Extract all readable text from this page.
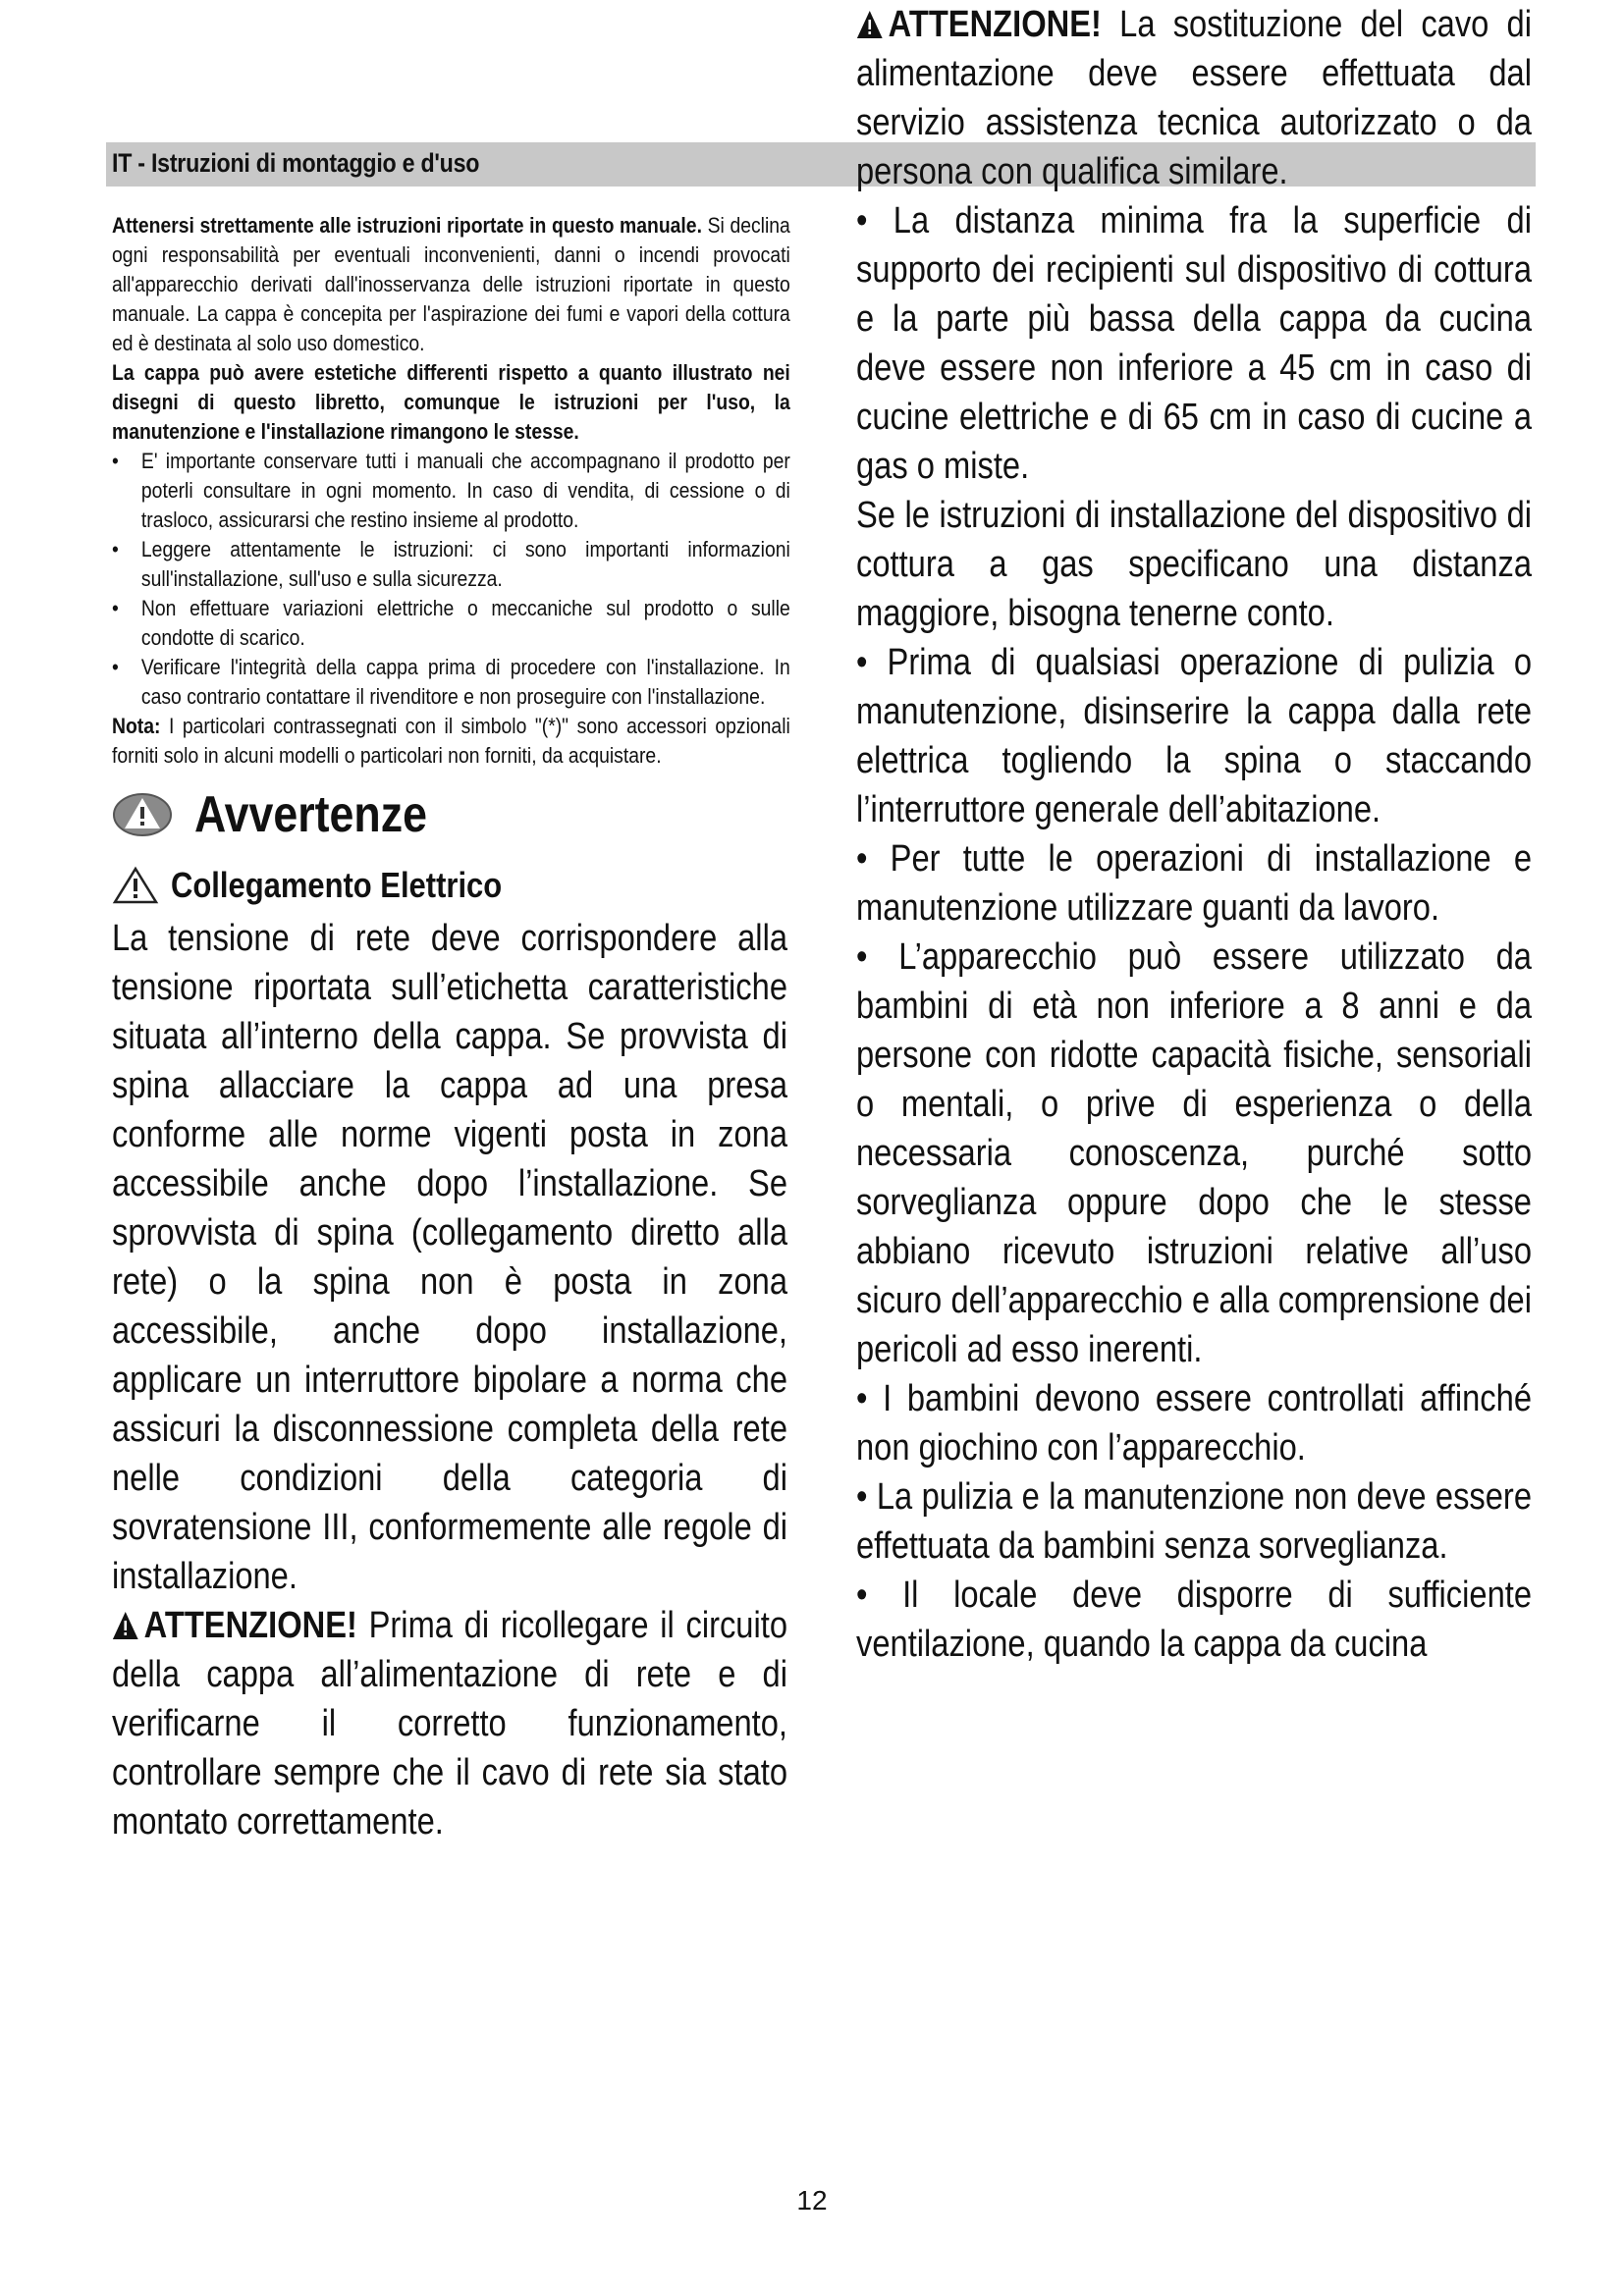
IT - Istruzioni di montaggio e d'uso

Attenersi strettamente alle istruzioni riportate in questo manuale. Si declina ogni responsabilità per eventuali inconvenienti, danni o incendi provocati all'apparecchio derivati dall'inosservanza delle istruzioni riportate in questo manuale. La cappa è concepita per l'aspirazione dei fumi e vapori della cottura ed è destinata al solo uso domestico.

La cappa può avere estetiche differenti rispetto a quanto illustrato nei disegni di questo libretto, comunque le istruzioni per l'uso, la manutenzione e l'installazione rimangono le stesse.

• E' importante conservare tutti i manuali che accompagnano il prodotto per poterli consultare in ogni momento. In caso di vendita, di cessione o di trasloco, assicurarsi che restino insieme al prodotto.
• Leggere attentamente le istruzioni: ci sono importanti informazioni sull'installazione, sull'uso e sulla sicurezza.
• Non effettuare variazioni elettriche o meccaniche sul prodotto o sulle condotte di scarico.
• Verificare l'integrità della cappa prima di procedere con l'installazione. In caso contrario contattare il rivenditore e non proseguire con l'installazione.

Nota: I particolari contrassegnati con il simbolo "(*)" sono accessori opzionali forniti solo in alcuni modelli o particolari non forniti, da acquistare.

Avvertenze
Collegamento Elettrico

La tensione di rete deve corrispondere alla tensione riportata sull’etichetta caratteristiche situata all’interno della cappa. Se provvista di spina allacciare la cappa ad una presa conforme alle norme vigenti posta in zona accessibile anche dopo l’installazione. Se sprovvista di spina (collegamento diretto alla rete) o la spina non è posta in zona accessibile, anche dopo installazione, applicare un interruttore bipolare a norma che assicuri la disconnessione completa della rete nelle condizioni della categoria di sovratensione III, conformemente alle regole di installazione.

ATTENZIONE! Prima di ricollegare il circuito della cappa all’alimentazione di rete e di verificarne il corretto funzionamento, controllare sempre che il cavo di rete sia stato montato correttamente.

ATTENZIONE! La sostituzione del cavo di alimentazione deve essere effettuata dal servizio assistenza tecnica autorizzato o da persona con qualifica similare.

• La distanza minima fra la superficie di supporto dei recipienti sul dispositivo di cottura e la parte più bassa della cappa da cucina deve essere non inferiore a 45 cm in caso di cucine elettriche e di 65 cm in caso di cucine a gas o miste.

Se le istruzioni di installazione del dispositivo di cottura a gas specificano una distanza maggiore, bisogna tenerne conto.

• Prima di qualsiasi operazione di pulizia o manutenzione, disinserire la cappa dalla rete elettrica togliendo la spina o staccando l’interruttore generale dell’abitazione.

• Per tutte le operazioni di installazione e manutenzione utilizzare guanti da lavoro.

• L’apparecchio può essere utilizzato da bambini di età non inferiore a 8 anni e da persone con ridotte capacità fisiche, sensoriali o mentali, o prive di esperienza o della necessaria conoscenza, purché sotto sorveglianza oppure dopo che le stesse abbiano ricevuto istruzioni relative all’uso sicuro dell’apparecchio e alla comprensione dei pericoli ad esso inerenti.

• I bambini devono essere controllati affinché non giochino con l’apparecchio.

• La pulizia e la manutenzione non deve essere effettuata da bambini senza sorveglianza.

• Il locale deve disporre di sufficiente ventilazione, quando la cappa da cucina

12
